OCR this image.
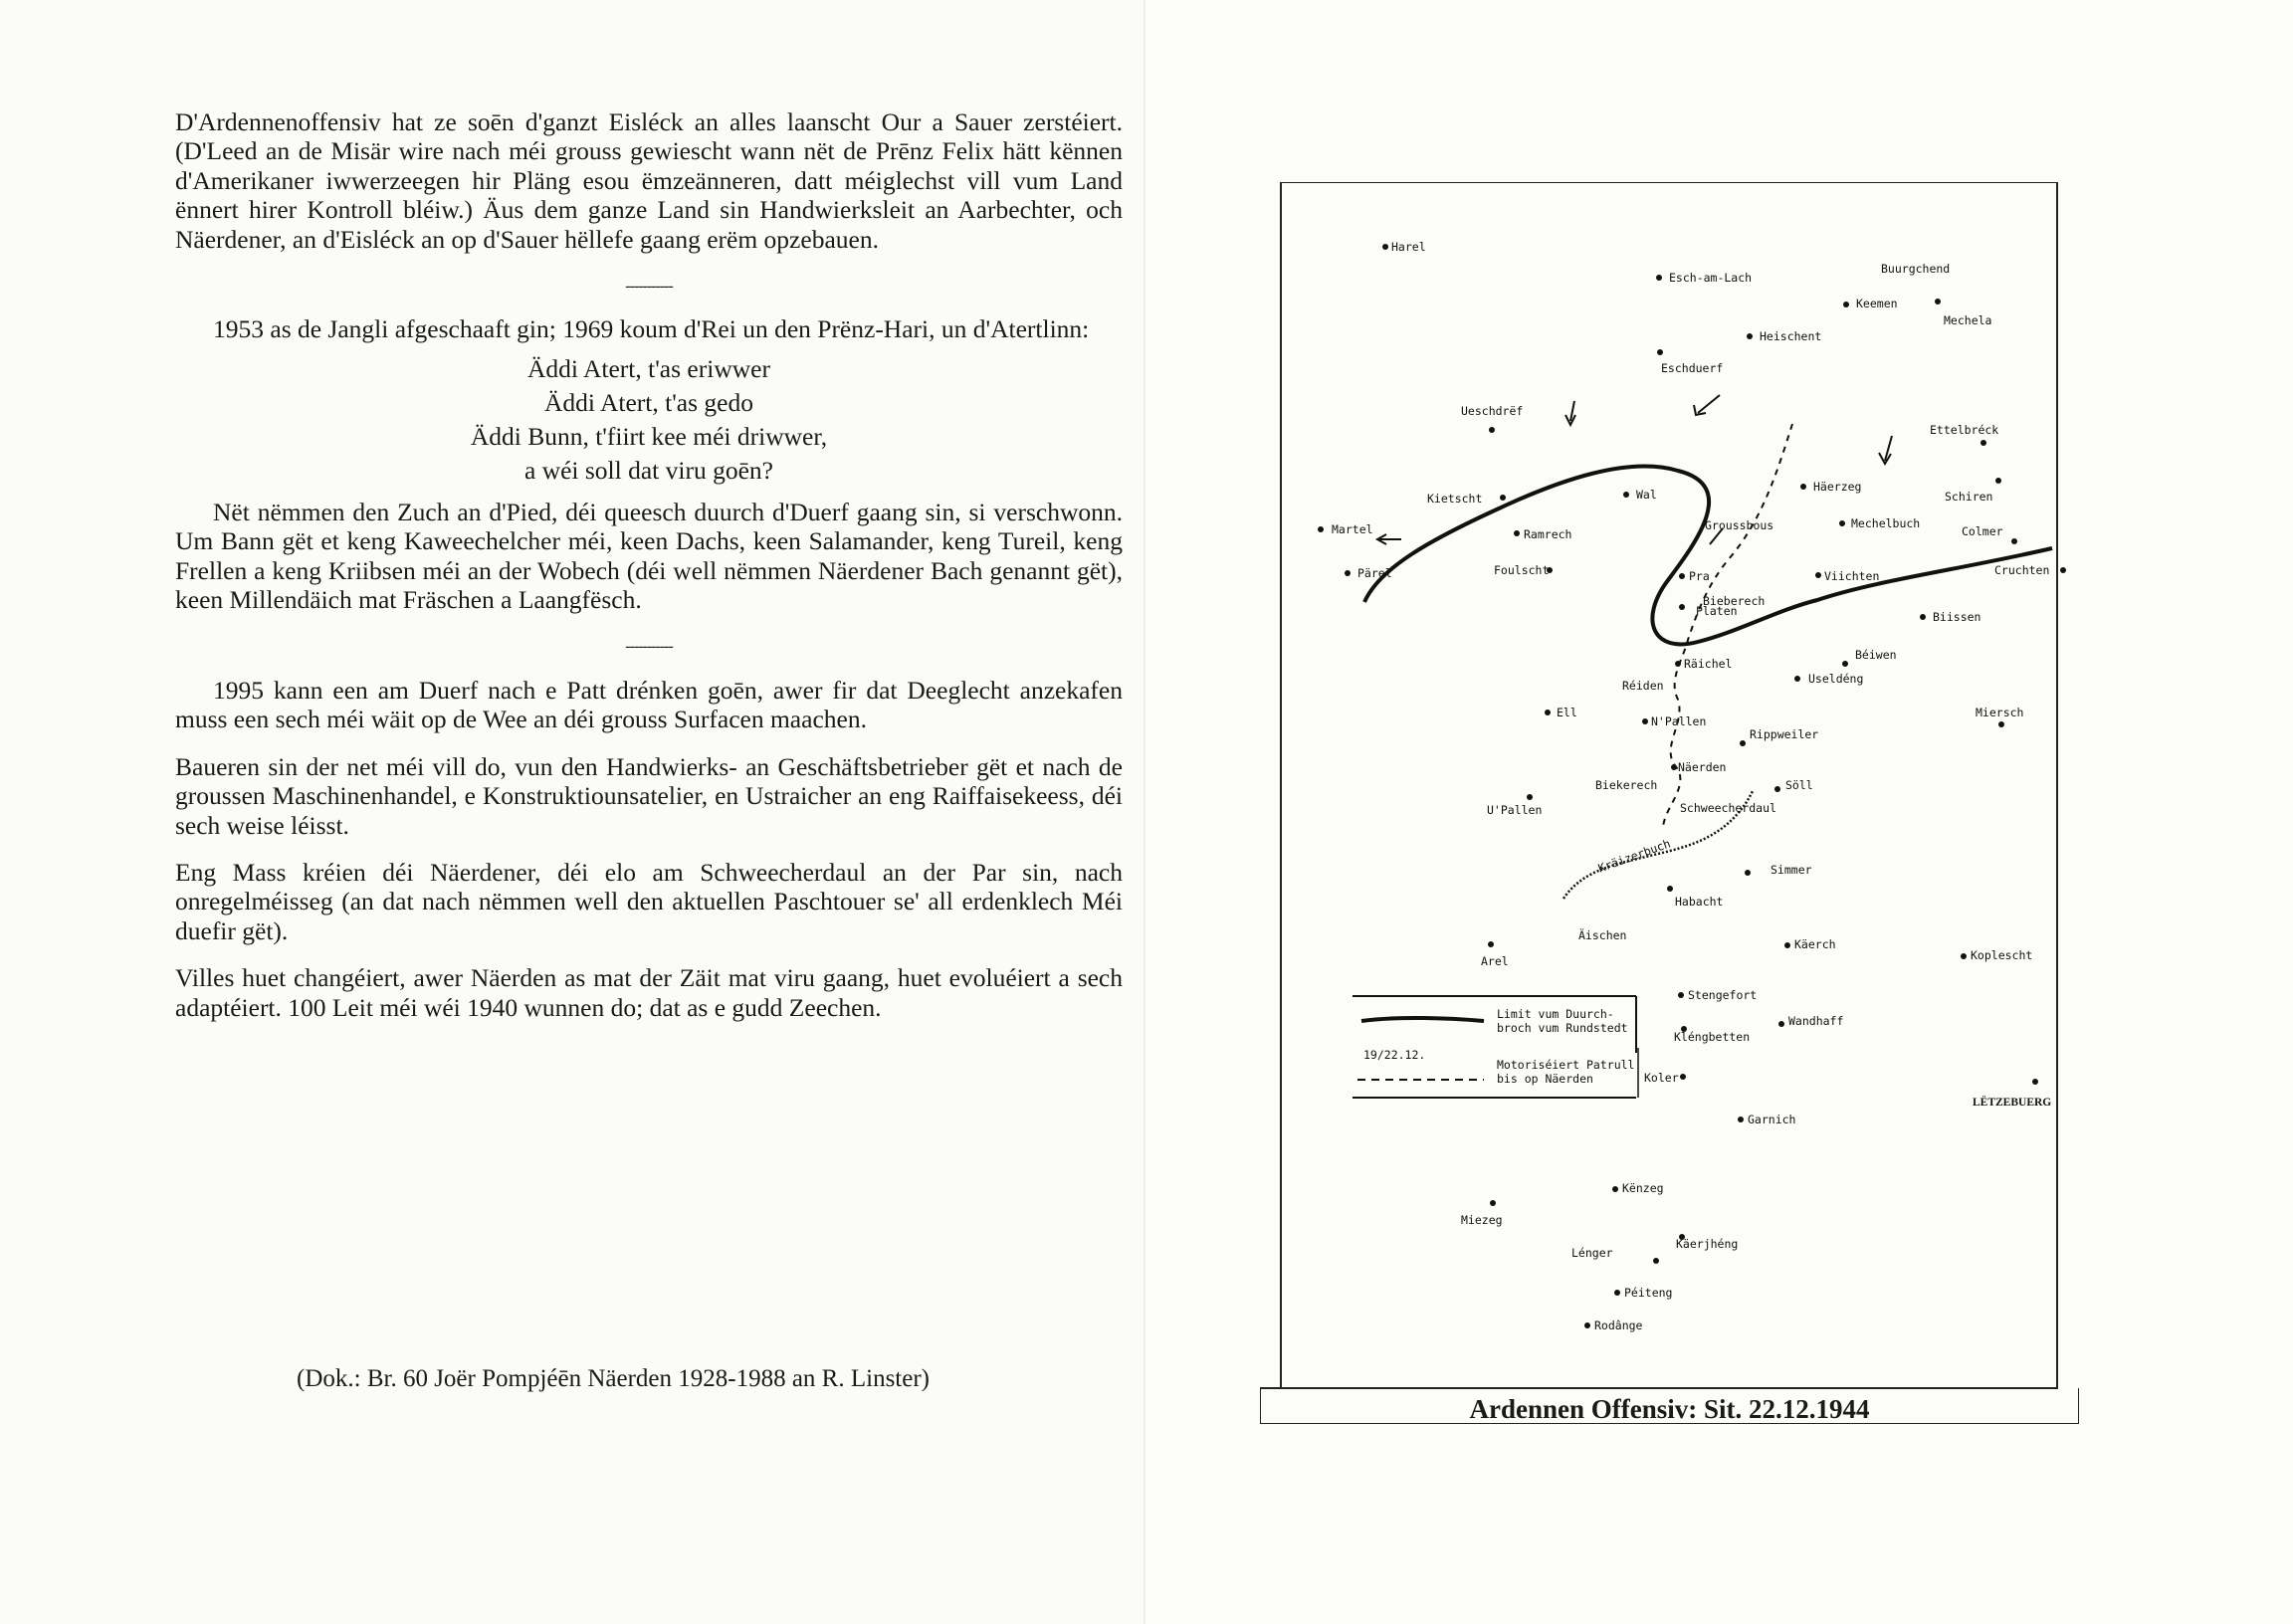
D'Ardennenoffensiv hat ze soēn d'ganzt Eisléck an alles laanscht Our a Sauer zerstéiert. (D'Leed an de Misär wire nach méi grouss gewiescht wann nët de Prēnz Felix hätt kënnen d'Amerikaner iwwerzeegen hir Pläng esou ëmzeänneren, datt méiglechst vill vum Land ënnert hirer Kontroll bléiw.) Äus dem ganze Land sin Handwierksleit an Aarbechter, och Näerdener, an d'Eisléck an op d'Sauer hëllefe gaang erëm opzebauen.

-----------

1953 as de Jangli afgeschaaft gin; 1969 koum d'Rei un den Prënz-Hari, un d'Atertlinn:

Äddi Atert, t'as eriwwer
Äddi Atert, t'as gedo
Äddi Bunn, t'fiirt kee méi driwwer,
a wéi soll dat viru goēn?

Nët nëmmen den Zuch an d'Pied, déi queesch duurch d'Duerf gaang sin, si verschwonn. Um Bann gët et keng Kaweechelcher méi, keen Dachs, keen Salamander, keng Tureil, keng Frellen a keng Kriibsen méi an der Wobech (déi well nëmmen Näerdener Bach genannt gët), keen Millendäich mat Fräschen a Laangfësch.

-----------

1995 kann een am Duerf nach e Patt drénken goēn, awer fir dat Deeglecht anzekafen muss een sech méi wäit op de Wee an déi grouss Surfacen maachen.

Baueren sin der net méi vill do, vun den Handwierks- an Geschäftsbetrieber gët et nach de groussen Maschinenhandel, e Konstruktiounsatelier, en Ustraicher an eng Raiffaisekeess, déi sech weise léisst.

Eng Mass kréien déi Näerdener, déi elo am Schweecherdaul an der Par sin, nach onregelméisseg (an dat nach nëmmen well den aktuellen Paschtouer se' all erdenklech Méi duefir gët).

Villes huet changéiert, awer Näerden as mat der Zäit mat viru gaang, huet evoluéiert a sech adaptéiert. 100 Leit méi wéi 1940 wunnen do; dat as e gudd Zeechen.

(Dok.: Br. 60 Joër Pompjéēn Näerden 1928-1988 an R. Linster)
Harel
Esch-am-Lach
Buurgchend
Keemen
Mechela
Heischent
Eschduerf
Ueschdrëf
Ettelbréck
Kietscht	Wal
Häerzeg
Schiren
Martel	Ramrech
Groussbous	Mechelbuch
Colmer
Pärel	Foulscht	Pra	Viichten	Cruchten
Platen
Bieberech
Biissen
Räichel
Béiwen
Useldéng
Réiden
Ell
N'Pallen
Miersch
Rippweiler
Näerden
Biekerech	Söll
U'Pallen	Schweecherdaul
Kräizerbuch	Simmer
Habacht
Äischen
Käerch
Arel	Koplescht
Stengefort
Wandhaff
Kléngbetten
Koler
LËTZEBUERG
Garnich
Kënzeg
Miezeg
Käerjhéng
Lénger
Péiteng
Rodânge
Limit vum Duurch-
broch vum Rundstedt
19/22.12.
Motoriséiert Patrull
bis op Näerden
Ardennen Offensiv: Sit. 22.12.1944
